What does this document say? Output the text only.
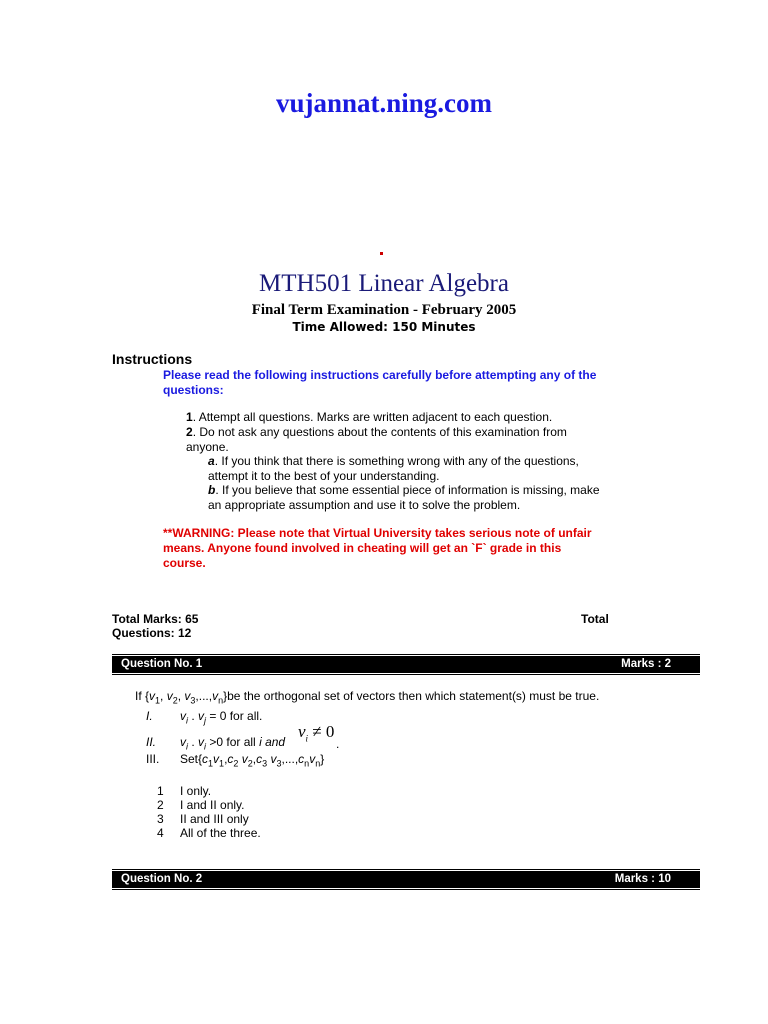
vujannat.ning.com
MTH501 Linear Algebra
Final Term Examination - February 2005
Time Allowed: 150 Minutes
Instructions
Please read the following instructions carefully before attempting any of the questions:
1. Attempt all questions. Marks are written adjacent to each question.
2. Do not ask any questions about the contents of this examination from anyone.
a. If you think that there is something wrong with any of the questions, attempt it to the best of your understanding.
b. If you believe that some essential piece of information is missing, make an appropriate assumption and use it to solve the problem.
**WARNING: Please note that Virtual University takes serious note of unfair means. Anyone found involved in cheating will get an `F` grade in this course.
Total Marks: 65
Questions: 12
Total
Question No. 1	Marks : 2
If {$v_1$, $v_2$, $v_3,...,v_n\}be$ the orthogonal set of vectors then which statement(s) must be true.
I. $v_i$ . $v_j = 0$ for all.
II. $v_i$ . $v_i >0$ for all i and
$v_i \ne 0$
.
III. $Set\{c_1v_1,c_2$ $v_2,c_3$ $v_3,...,c_nv_n$}
1 I only.
2 I and II only.
3 II and III only
4 All of the three.
Question No. 2	Marks : 10
